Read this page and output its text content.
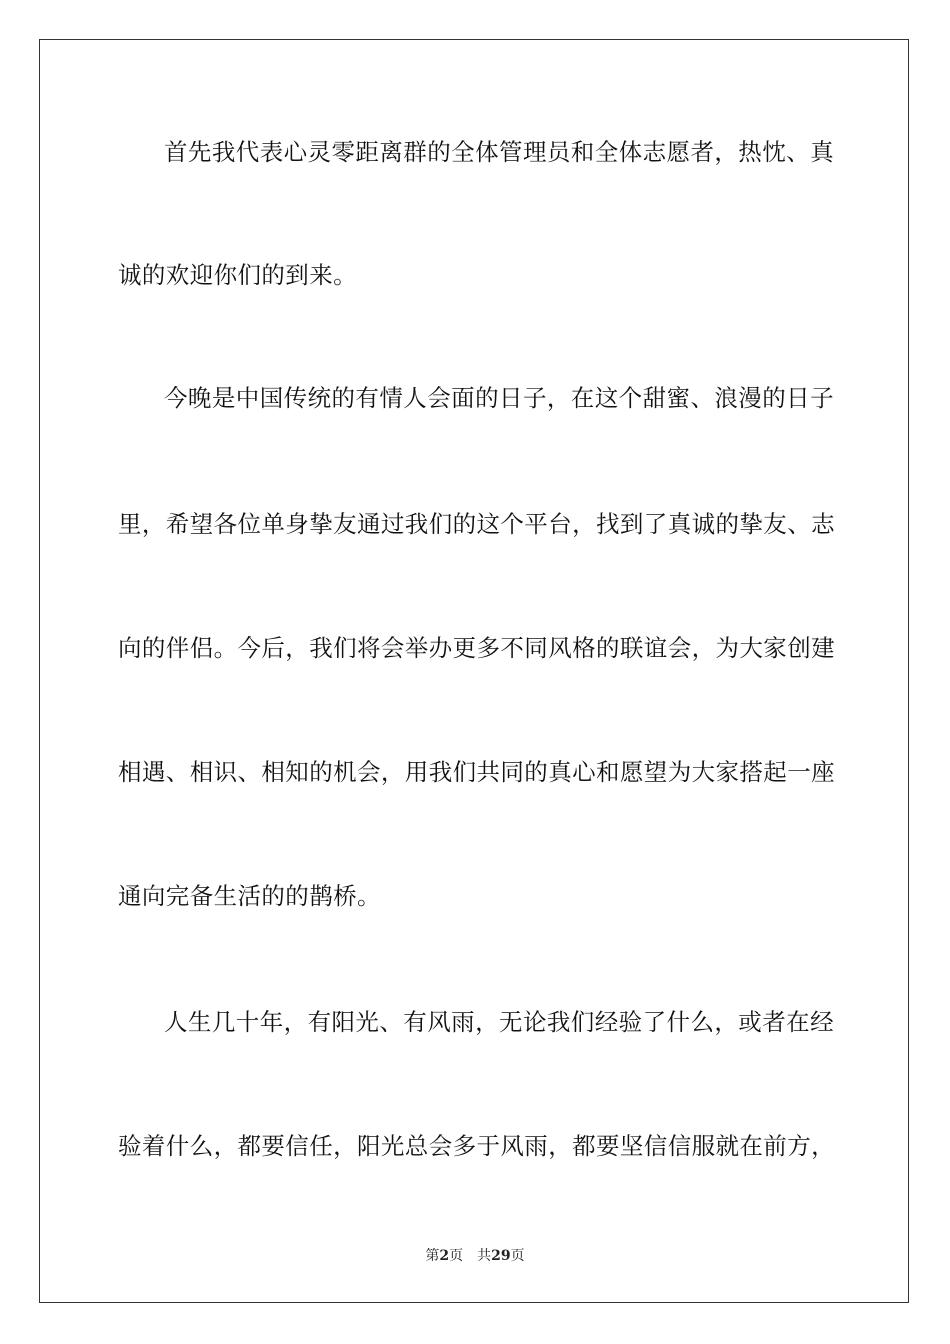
首先我代表心灵零距离群的全体管理员和全体志愿者，热忱、真
诚的欢迎你们的到来。
今晚是中国传统的有情人会面的日子，在这个甜蜜、浪漫的日子
里，希望各位单身挚友通过我们的这个平台，找到了真诚的挚友、志
向的伴侣。今后，我们将会举办更多不同风格的联谊会，为大家创建
相遇、相识、相知的机会，用我们共同的真心和愿望为大家搭起一座
通向完备生活的的鹊桥。
人生几十年，有阳光、有风雨，无论我们经验了什么，或者在经
验着什么，都要信任，阳光总会多于风雨，都要坚信信服就在前方，
第2页 共29页
